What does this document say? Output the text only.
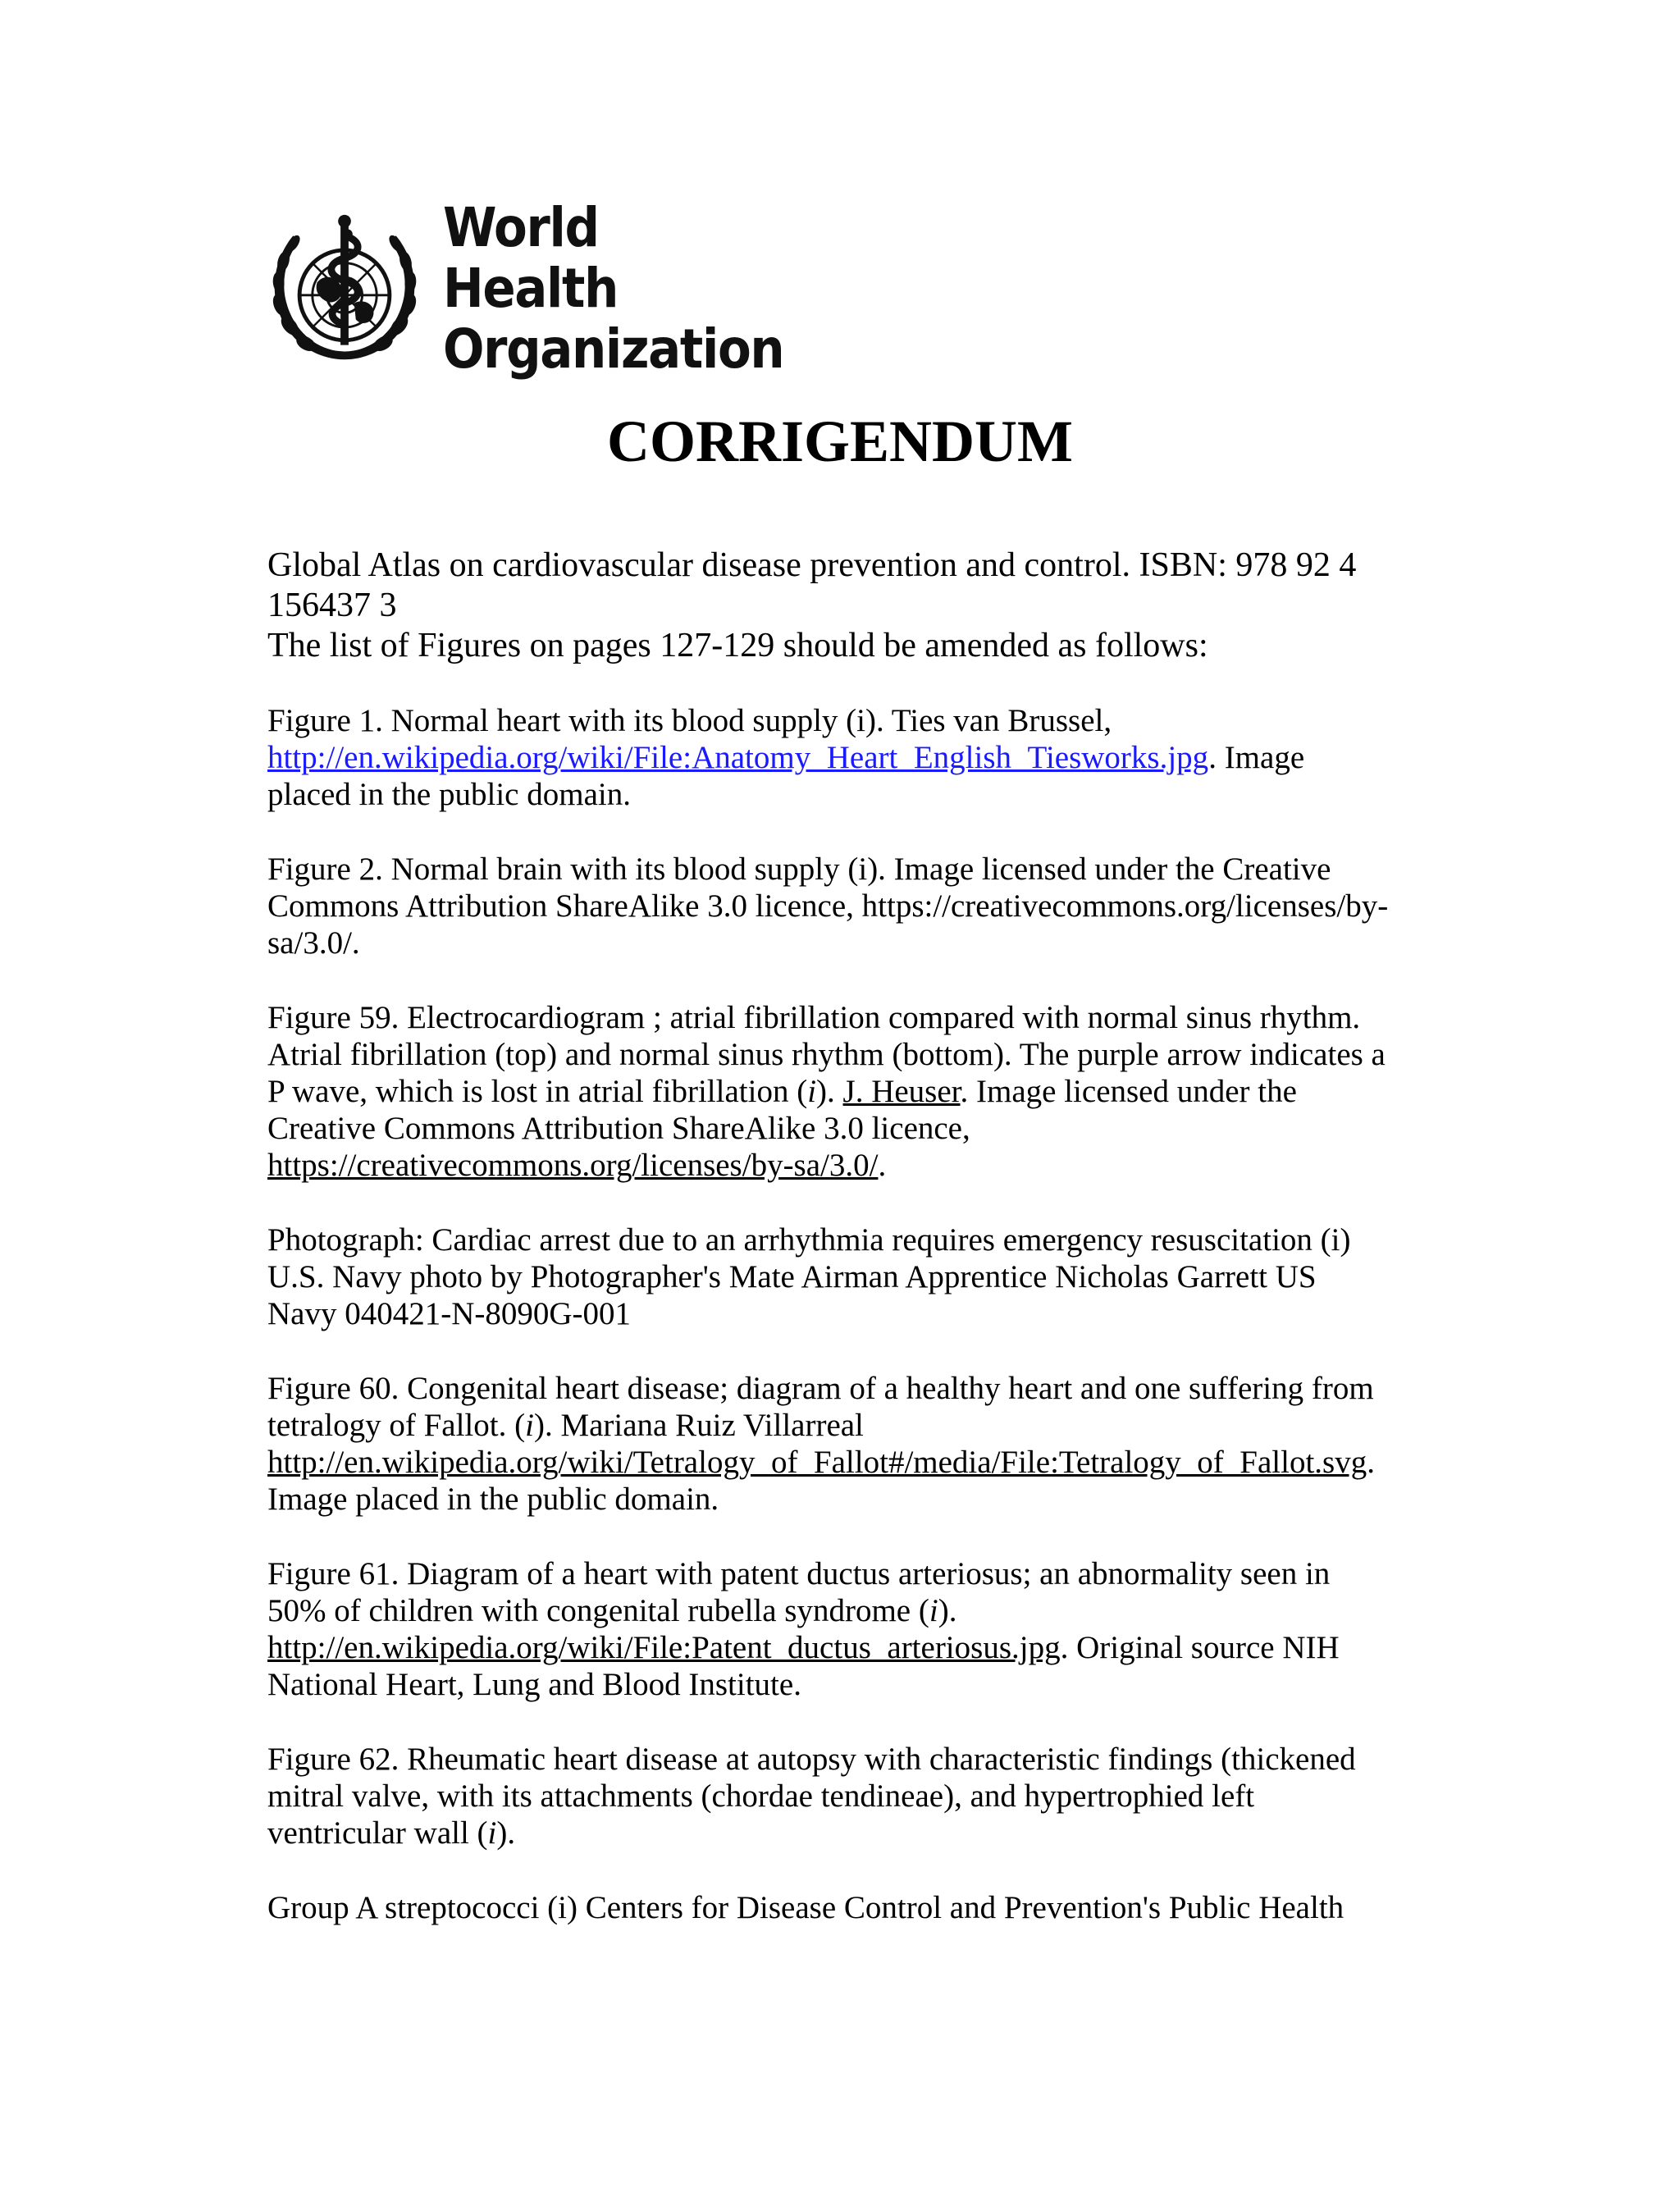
World Health
Organization
CORRIGENDUM
Global Atlas on cardiovascular disease prevention and control. ISBN: 978 92 4
156437 3
The list of Figures on pages 127-129 should be amended as follows:
Figure 1. Normal heart with its blood supply (i). Ties van Brussel,
http://en.wikipedia.org/wiki/File:Anatomy_Heart_English_Tiesworks.jpg. Image
placed in the public domain.
Figure 2. Normal brain with its blood supply (i). Image licensed under the Creative
Commons Attribution ShareAlike 3.0 licence, https://creativecommons.org/licenses/by-
sa/3.0/.
Figure 59. Electrocardiogram ; atrial fibrillation compared with normal sinus rhythm.
Atrial fibrillation (top) and normal sinus rhythm (bottom). The purple arrow indicates a
P wave, which is lost in atrial fibrillation (i). J. Heuser. Image licensed under the
Creative Commons Attribution ShareAlike 3.0 licence,
https://creativecommons.org/licenses/by-sa/3.0/.
Photograph: Cardiac arrest due to an arrhythmia requires emergency resuscitation (i)
U.S. Navy photo by Photographer's Mate Airman Apprentice Nicholas Garrett US
Navy 040421-N-8090G-001
Figure 60. Congenital heart disease; diagram of a healthy heart and one suffering from
tetralogy of Fallot. (i). Mariana Ruiz Villarreal
http://en.wikipedia.org/wiki/Tetralogy_of_Fallot#/media/File:Tetralogy_of_Fallot.svg.
Image placed in the public domain.
Figure 61. Diagram of a heart with patent ductus arteriosus; an abnormality seen in
50% of children with congenital rubella syndrome (i).
http://en.wikipedia.org/wiki/File:Patent_ductus_arteriosus.jpg. Original source NIH
National Heart, Lung and Blood Institute.
Figure 62. Rheumatic heart disease at autopsy with characteristic findings (thickened
mitral valve, with its attachments (chordae tendineae), and hypertrophied left
ventricular wall (i).
Group A streptococci (i) Centers for Disease Control and Prevention's Public Health
